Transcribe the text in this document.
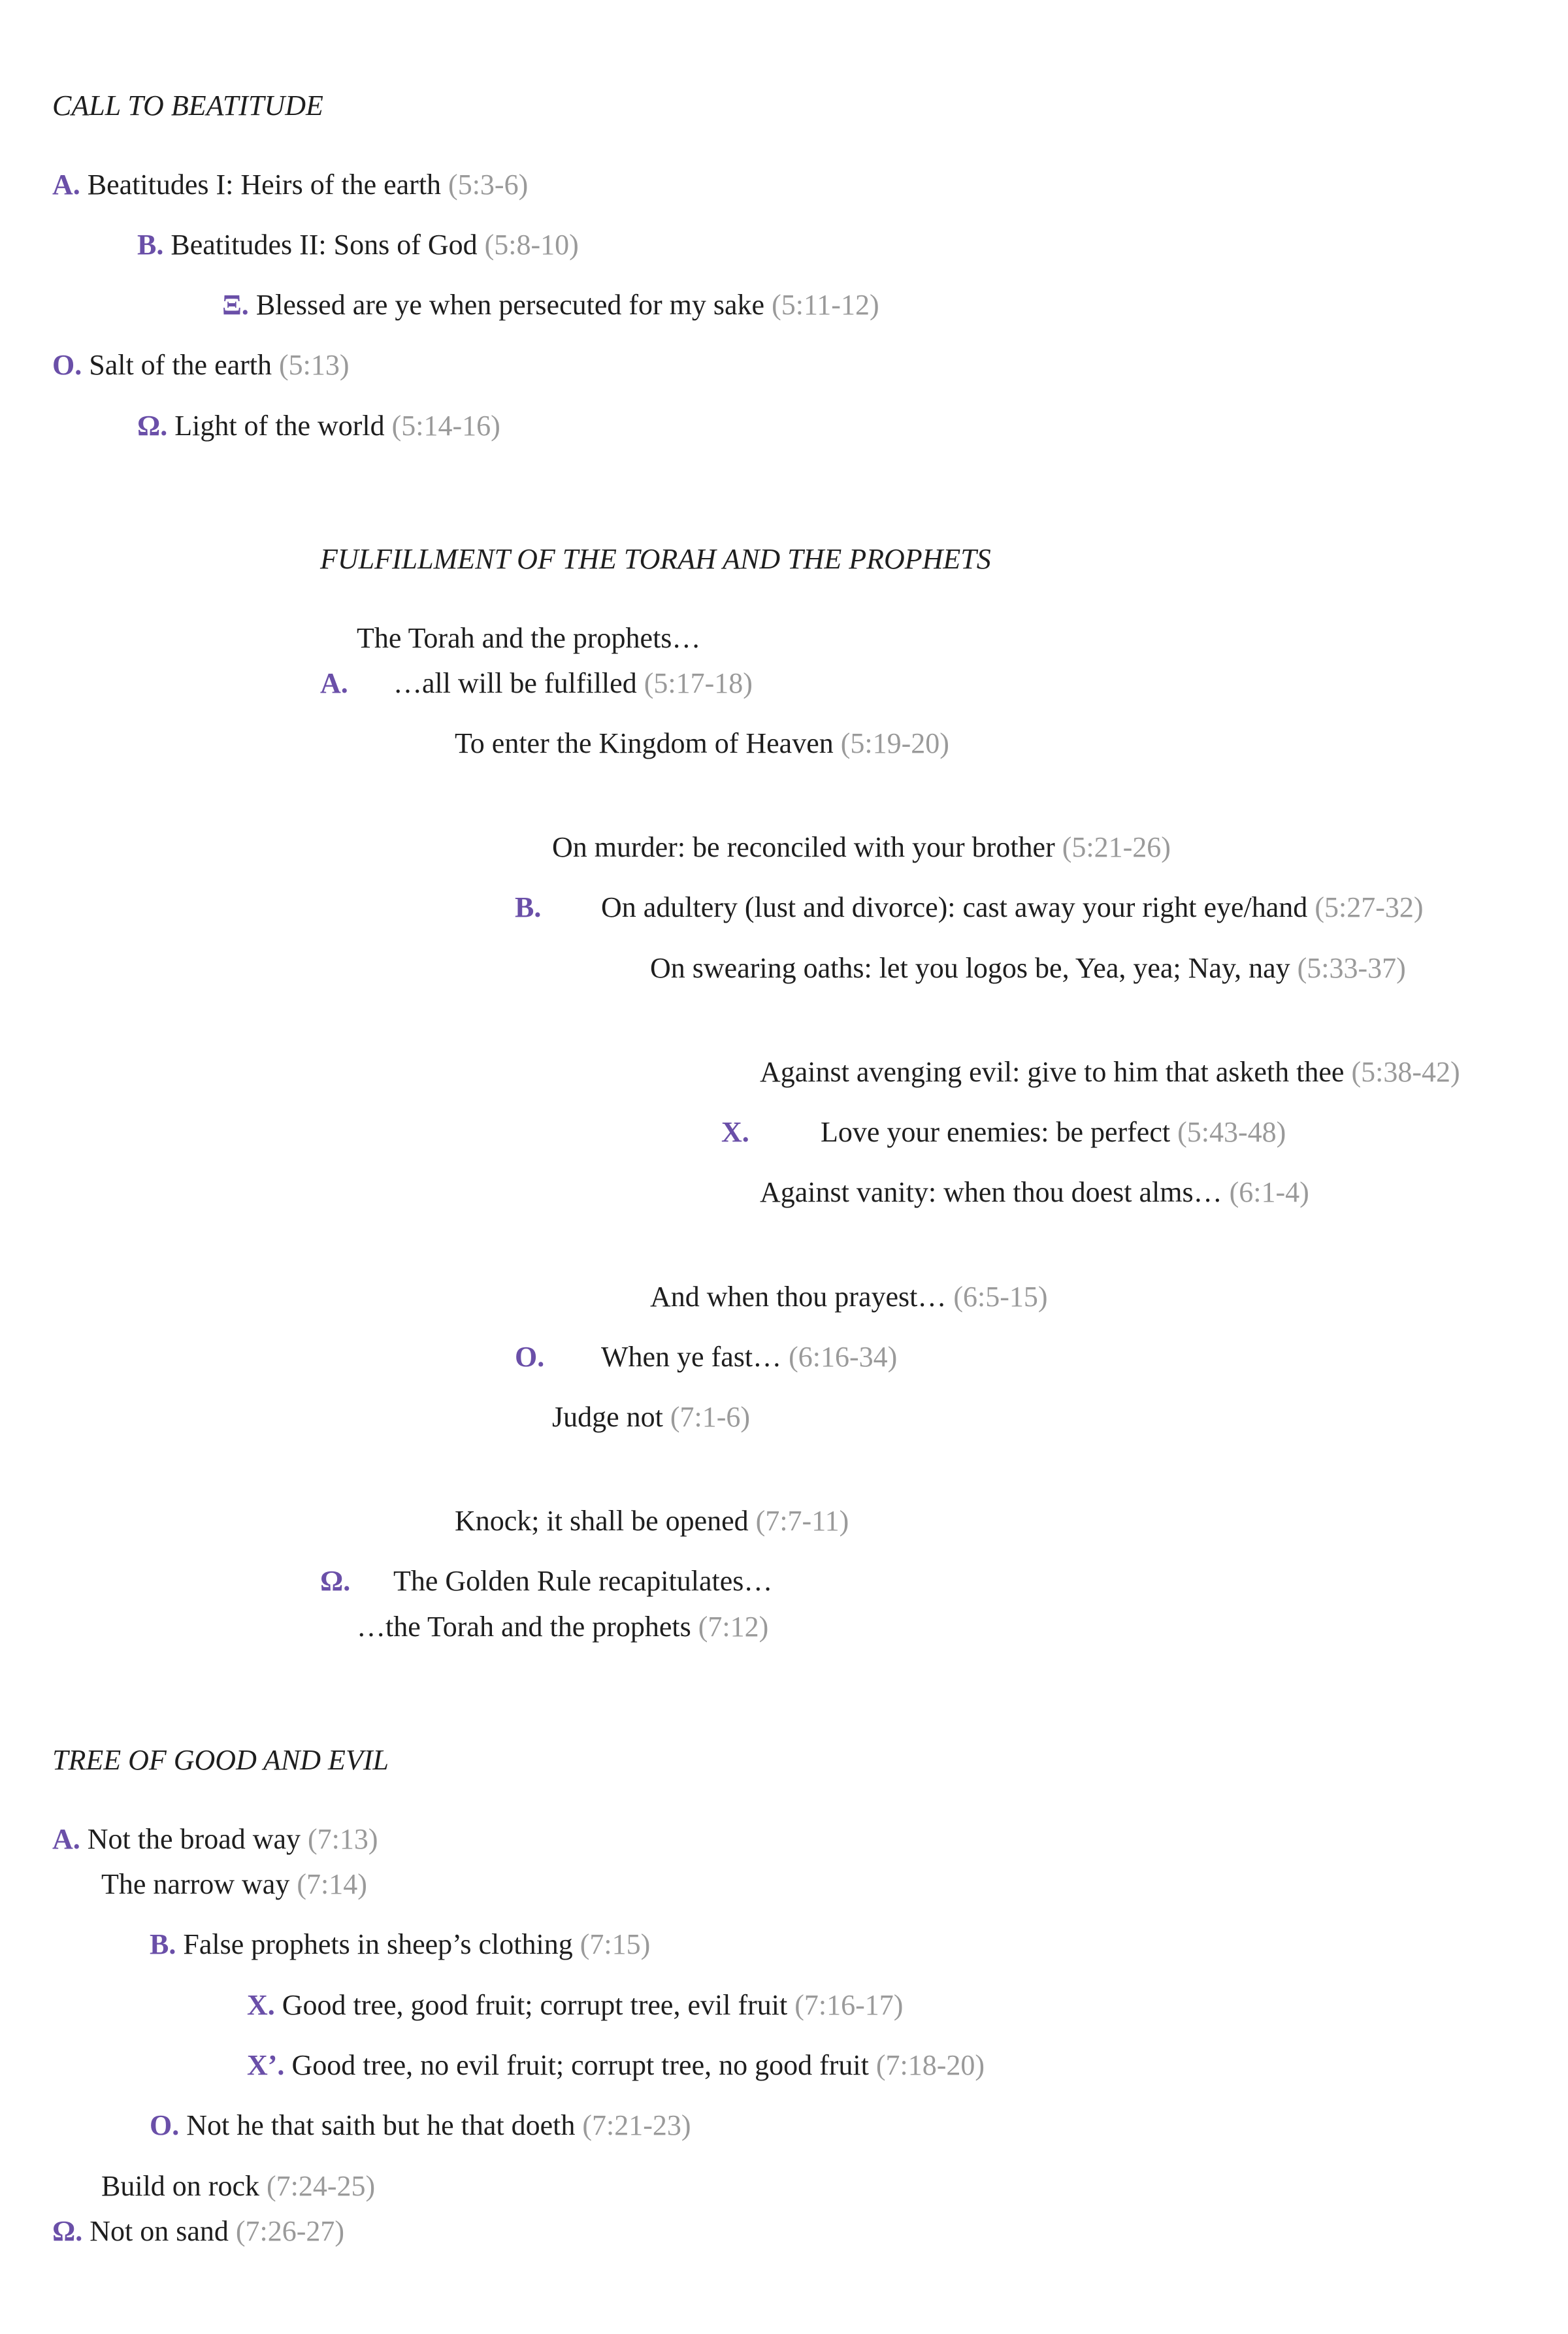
CALL TO BEATITUDE
A. Beatitudes I: Heirs of the earth (5:3-6)
B. Beatitudes II: Sons of God (5:8-10)
Ξ. Blessed are ye when persecuted for my sake (5:11-12)
O. Salt of the earth (5:13)
Ω. Light of the world (5:14-16)
FULFILLMENT OF THE TORAH AND THE PROPHETS
A.
B.
X.
O.
Ω.
The Torah and the prophets…
…all will be fulfilled (5:17-18)
To enter the Kingdom of Heaven (5:19-20)
On murder: be reconciled with your brother (5:21-26)
On adultery (lust and divorce): cast away your right eye/hand (5:27-32)
On swearing oaths: let you logos be, Yea, yea; Nay, nay (5:33-37)
Against avenging evil: give to him that asketh thee (5:38-42)
Love your enemies: be perfect (5:43-48)
Against vanity: when thou doest alms… (6:1-4)
And when thou prayest… (6:5-15)
When ye fast… (6:16-34)
Judge not (7:1-6)
Knock; it shall be opened (7:7-11)
The Golden Rule recapitulates…
…the Torah and the prophets (7:12)
TREE OF GOOD AND EVIL
A. Not the broad way (7:13)
The narrow way (7:14)
B. False prophets in sheep’s clothing (7:15)
X. Good tree, good fruit; corrupt tree, evil fruit (7:16-17)
X’. Good tree, no evil fruit; corrupt tree, no good fruit (7:18-20)
O. Not he that saith but he that doeth (7:21-23)
Build on rock (7:24-25)
Ω. Not on sand (7:26-27)
